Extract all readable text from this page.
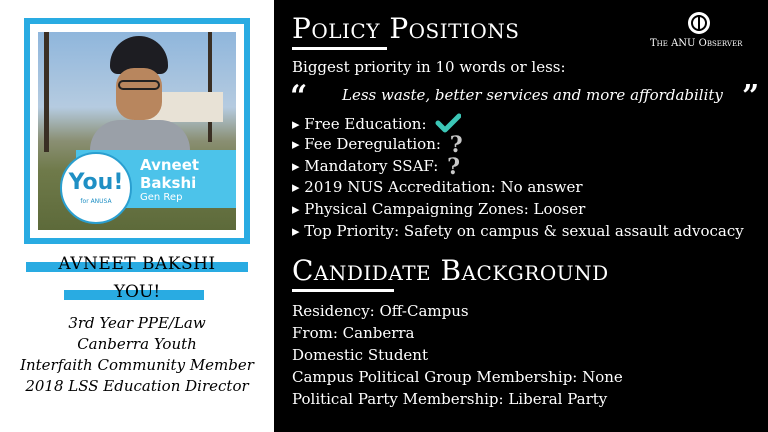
Avneet
Bakshi
Gen Rep
You!
for ANUSA
AVNEET BAKSHI
YOU!
3rd Year PPE/Law
Canberra Youth
Interfaith Community Member
2018 LSS Education Director
Policy Positions	The ANU Observer
Biggest priority in 10 words or less:
“ Less waste, better services and more affordability ”
▸ Free Education:
▸ Fee Deregulation: ?
▸ Mandatory SSAF: ?
▸ 2019 NUS Accreditation: No answer
▸ Physical Campaigning Zones: Looser
▸ Top Priority: Safety on campus & sexual assault advocacy
Candidate Background
Residency: Off-Campus
From: Canberra
Domestic Student
Campus Political Group Membership: None
Political Party Membership: Liberal Party
